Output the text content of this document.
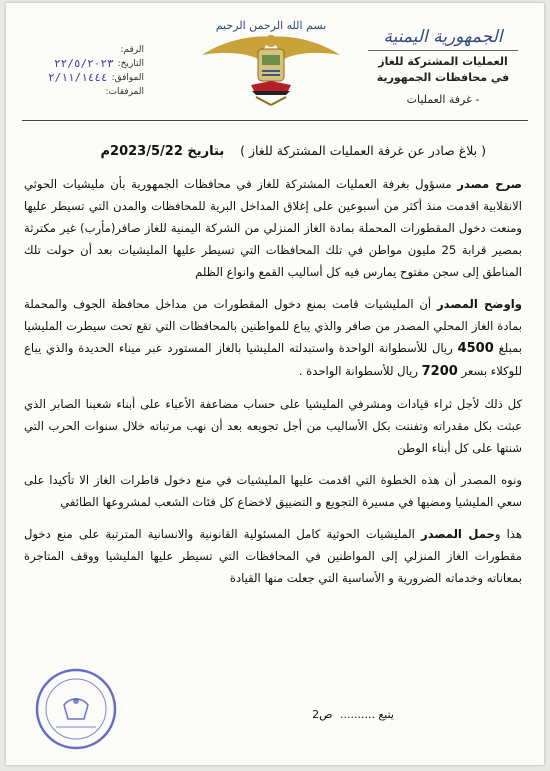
الجمهورية اليمنية
العمليات المشتركة للغاز
في محافظات الجمهورية
- غرفة العمليات
بسم الله الرحمن الرحيم
الرقم:
التاريخ:
٢٢/٥/٢٠٢٣
الموافق:
٢/١١/١٤٤٤
المرفقات:
( بلاغ صادر عن غرفة العمليات المشتركة للغاز )    بتاريخ 2023/5/22م

صرح مصدر مسؤول بغرفة العمليات المشتركة للغاز في محافظات الجمهورية بأن مليشيات الحوثي الانقلابية اقدمت منذ أكثر من أسبوعين على إغلاق المداخل البرية للمحافظات والمدن التي تسيطر عليها ومنعت دخول المقطورات المحملة بمادة الغاز المنزلي من الشركة اليمنية للغاز صافر(مأرب) غير مكترثة بمصير قرابة 25 مليون مواطن في تلك المحافظات التي تسيطر عليها المليشيات بعد أن حولت تلك المناطق إلى سجن مفتوح يمارس فيه كل أساليب القمع وانواع الظلم

واوضح المصدر أن المليشيات قامت بمنع دخول المقطورات من مداخل محافظة الجوف والمحملة بمادة الغاز المحلي المصدر من صافر والذي يباع للمواطنين بالمحافظات التي تقع تحت سيطرت المليشيا بمبلغ 4500 ريال للأسطوانة الواحدة واستبدلته المليشيا بالغاز المستورد عبر ميناء الحديدة والذي يباع للوكلاء بسعر 7200 ريال للأسطوانة الواحدة .

كل ذلك لأجل ثراء قيادات ومشرفي المليشيا على حساب مضاعفة الأعباء على أبناء شعبنا الصابر الذي عبثت بكل مقدراته وتفننت بكل الأساليب من أجل تجويعه بعد أن نهب مرتباته خلال سنوات الحرب التي شنتها على كل أبناء الوطن

ونوه المصدر أن هذه الخطوة التي اقدمت عليها المليشيات في منع دخول قاطرات الغاز الا تأكيدا على سعي المليشيا ومضيها في مسيرة التجويع و التضييق لاخضاع كل فئات الشعب لمشروعها الطائفي

هذا وحمل المصدر المليشيات الحوثية كامل المسئولية القانونية والانسانية المترتبة على منع دخول مقطورات الغاز المنزلي إلى المواطنين في المحافظات التي تسيطر عليها المليشيا ووقف المتاجرة بمعاناته وخدماته الضرورية و الأساسية التي جعلت منها القيادة

يتبع .......... ص2
